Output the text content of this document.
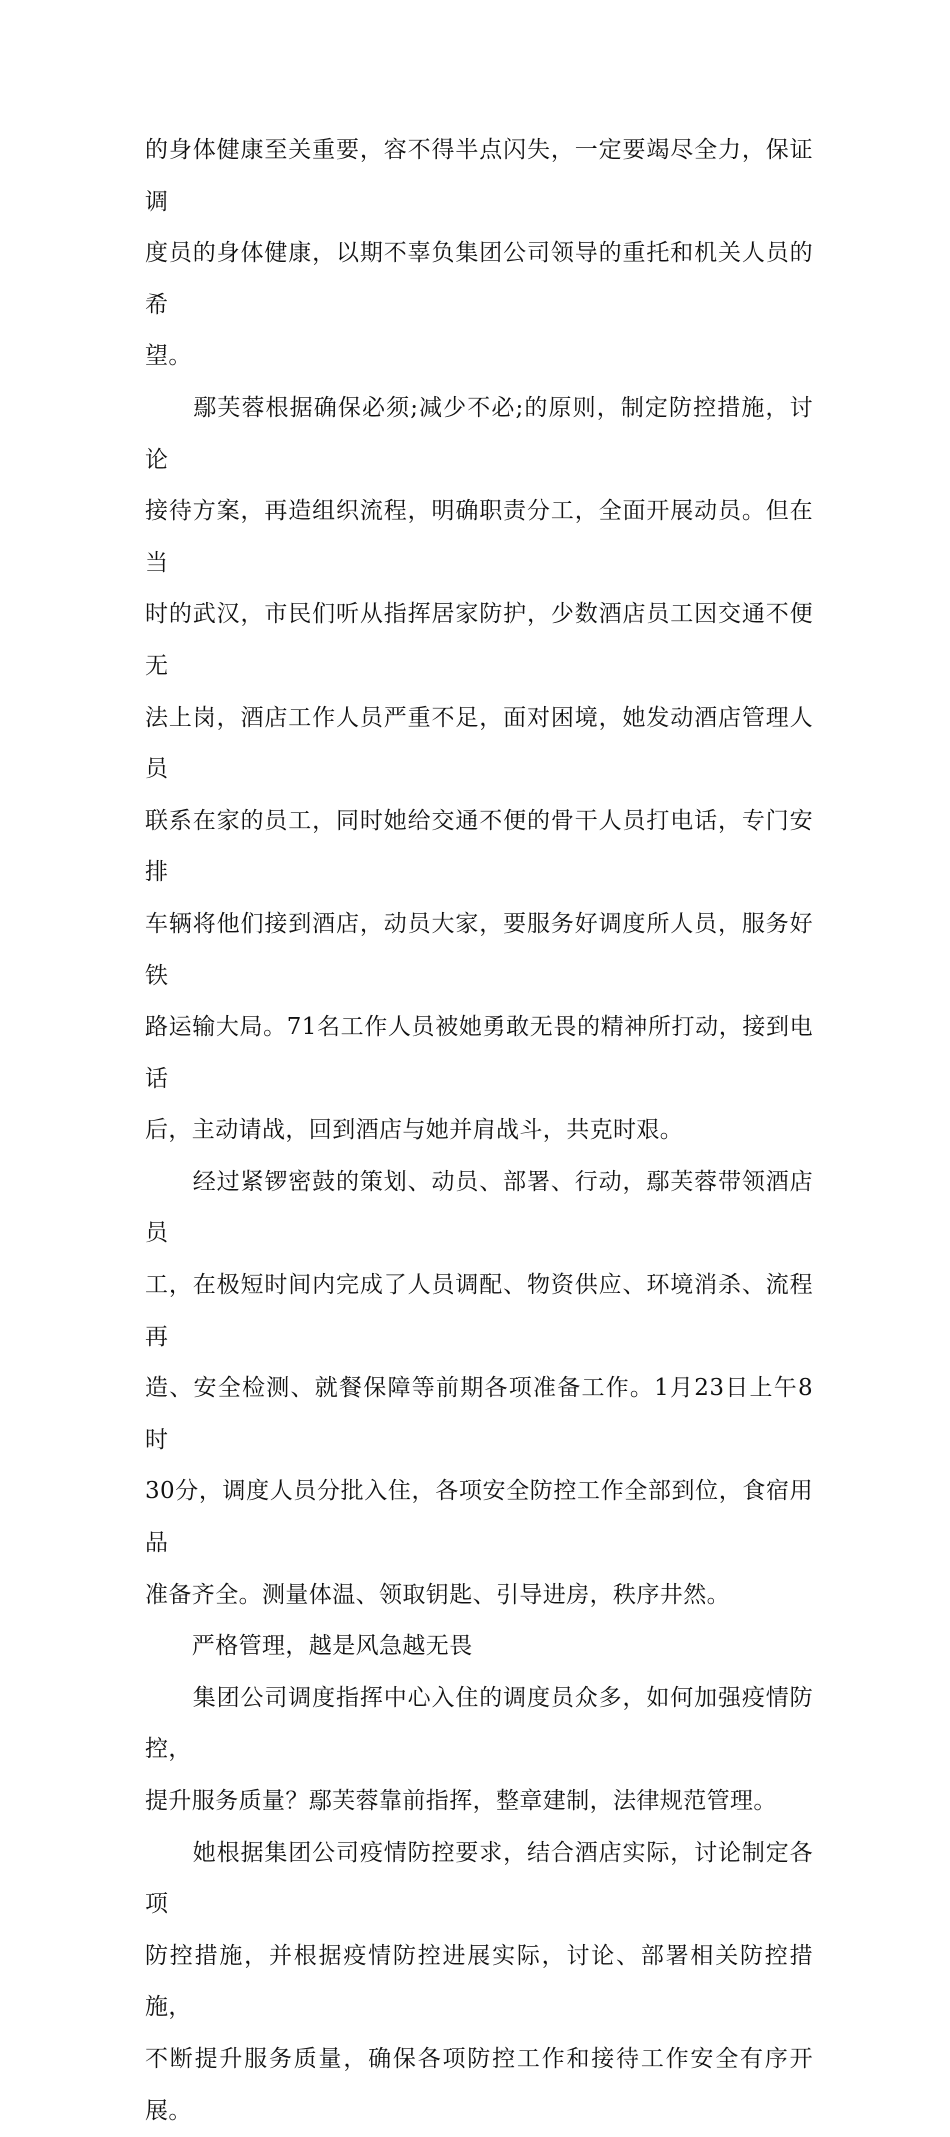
的身体健康至关重要，容不得半点闪失，一定要竭尽全力，保证调
度员的身体健康，以期不辜负集团公司领导的重托和机关人员的希
望。

　　鄢芙蓉根据确保必须;减少不必;的原则，制定防控措施，讨论
接待方案，再造组织流程，明确职责分工，全面开展动员。但在当
时的武汉，市民们听从指挥居家防护，少数酒店员工因交通不便无
法上岗，酒店工作人员严重不足，面对困境，她发动酒店管理人员
联系在家的员工，同时她给交通不便的骨干人员打电话，专门安排
车辆将他们接到酒店，动员大家，要服务好调度所人员，服务好铁
路运输大局。71名工作人员被她勇敢无畏的精神所打动，接到电话
后，主动请战，回到酒店与她并肩战斗，共克时艰。

　　经过紧锣密鼓的策划、动员、部署、行动，鄢芙蓉带领酒店员
工，在极短时间内完成了人员调配、物资供应、环境消杀、流程再
造、安全检测、就餐保障等前期各项准备工作。1月23日上午8时
30分，调度人员分批入住，各项安全防控工作全部到位，食宿用品
准备齐全。测量体温、领取钥匙、引导进房，秩序井然。

　　严格管理，越是风急越无畏

　　集团公司调度指挥中心入住的调度员众多，如何加强疫情防控，
提升服务质量？鄢芙蓉靠前指挥，整章建制，法律规范管理。

　　她根据集团公司疫情防控要求，结合酒店实际，讨论制定各项
防控措施，并根据疫情防控进展实际，讨论、部署相关防控措施，
不断提升服务质量，确保各项防控工作和接待工作安全有序开展。
